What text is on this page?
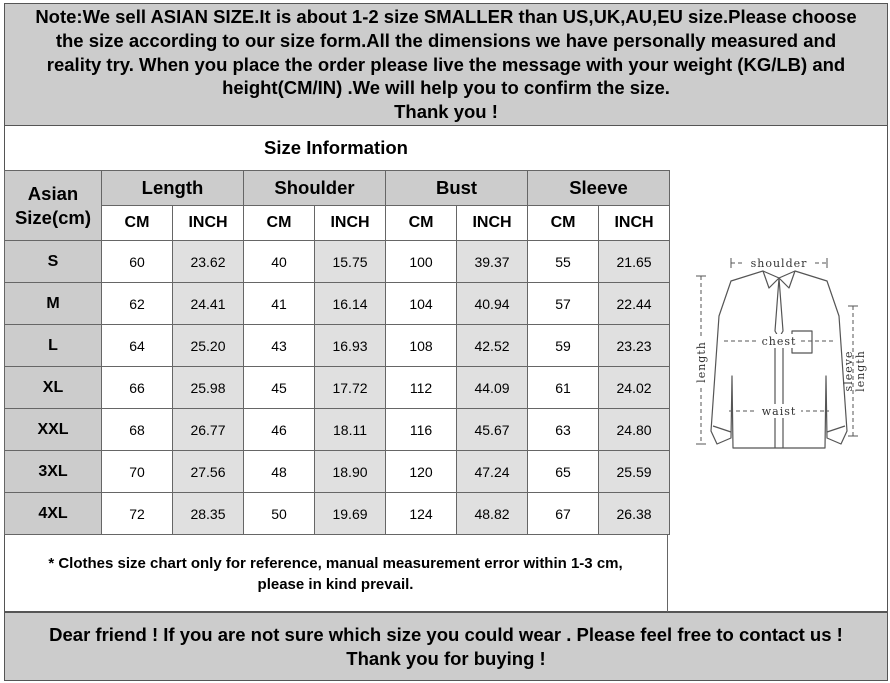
Note:We sell ASIAN SIZE.It is about 1-2 size SMALLER than US,UK,AU,EU size.Please choose
the size according to our size form.All the dimensions we have personally measured and
reality try. When you place the order please live the message with your weight (KG/LB) and
height(CM/IN) .We will help you to confirm the size.
Thank you !
Size Information
Asian
Size(cm)	Length		Shoulder		Bust		Sleeve	
	CM	INCH	CM	INCH	CM	INCH	CM	INCH
S	60	23.62	40	15.75	100	39.37	55	21.65
M	62	24.41	41	16.14	104	40.94	57	22.44
L	64	25.20	43	16.93	108	42.52	59	23.23
XL	66	25.98	45	17.72	112	44.09	61	24.02
XXL	68	26.77	46	18.11	116	45.67	63	24.80
3XL	70	27.56	48	18.90	120	47.24	65	25.59
4XL	72	28.35	50	19.69	124	48.82	67	26.38
* Clothes size chart only for reference, manual measurement error within 1-3 cm,
please in kind prevail.
shoulder
chest
waist
length	sleeve length
Dear friend ! If you are not sure which size you could wear . Please feel free to contact us !
Thank you for buying !
